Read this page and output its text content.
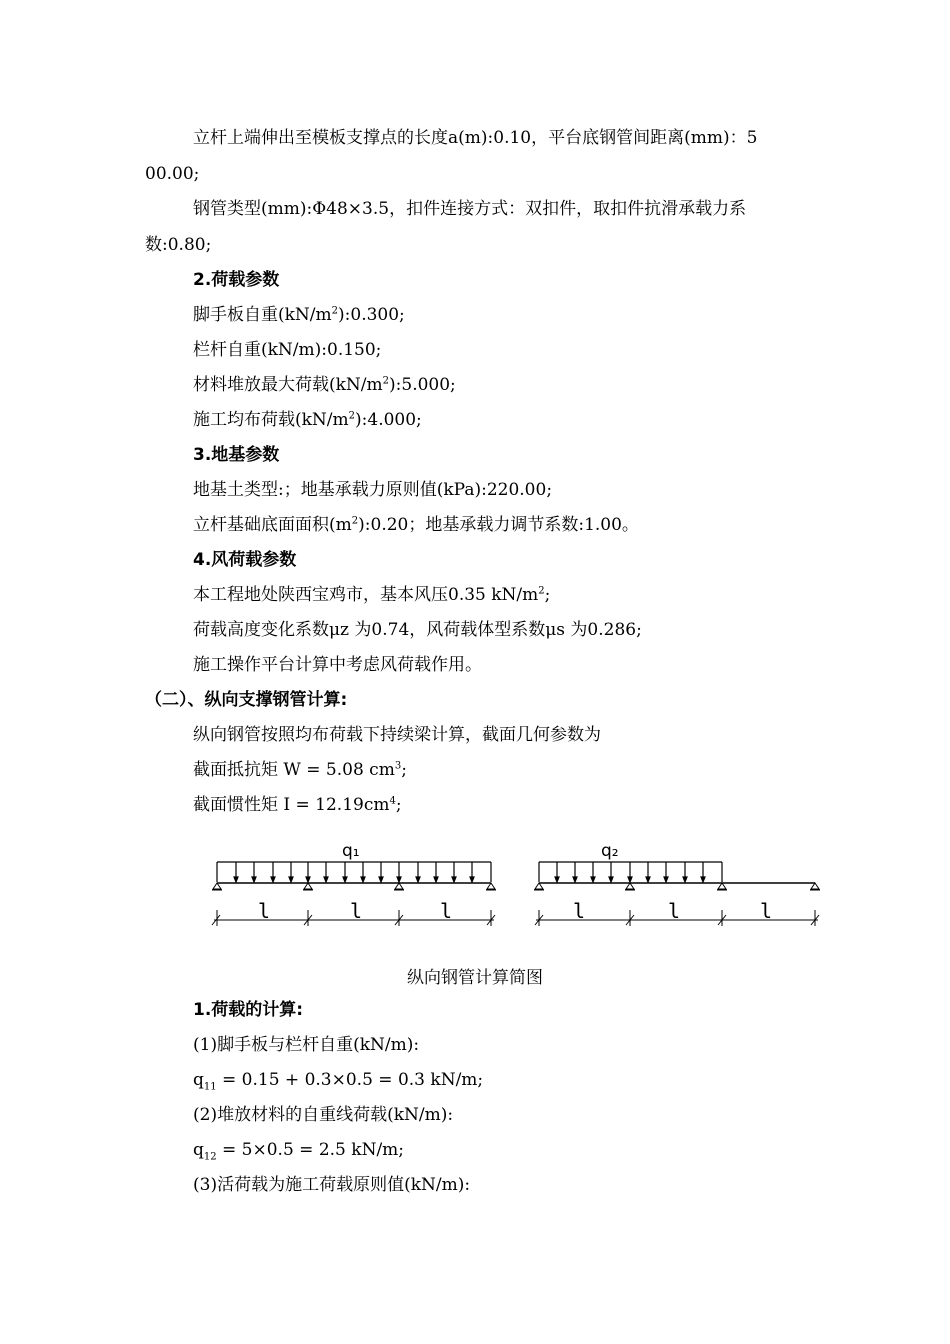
立杆上端伸出至模板支撑点的长度a(m):0.10，平台底钢管间距离(mm)：5
00.00;
钢管类型(mm):Φ48×3.5，扣件连接方式：双扣件，取扣件抗滑承载力系
数:0.80;
2.荷载参数
脚手板自重$(kN/m^2):0.300$;
栏杆自重(kN/m):0.150;
材料堆放最大荷载$(kN/m^2):5.000$;
施工均布荷载$(kN/m^2):4.000$;
3.地基参数
地基土类型:；地基承载力原则值(kPa):220.00;
立杆基础底面面积$(m^2):0.20$；地基承载力调节系数:1.00。
4.风荷载参数
本工程地处陕西宝鸡市，基本风压0.35 $kN/m^2$;
荷载高度变化系数μz 为0.74，风荷载体型系数μs 为0.286;
施工操作平台计算中考虑风荷载作用。
（二）、纵向支撑钢管计算:
纵向钢管按照均布荷载下持续梁计算，截面几何参数为
截面抵抗矩 W = 5.08 $cm^3$;
截面惯性矩 $I = 12.19cm^4$;
q₁
l	l	l
q₂
l	l	l
纵向钢管计算简图
1.荷载的计算:
(1)脚手板与栏杆自重(kN/m):
$q_{11} = 0.15 + 0.3\times 0.5 = 0.3$ kN/m;
(2)堆放材料的自重线荷载(kN/m):
$q_{12} = 5\times 0.5 = 2.5$ kN/m;
(3)活荷载为施工荷载原则值(kN/m):
